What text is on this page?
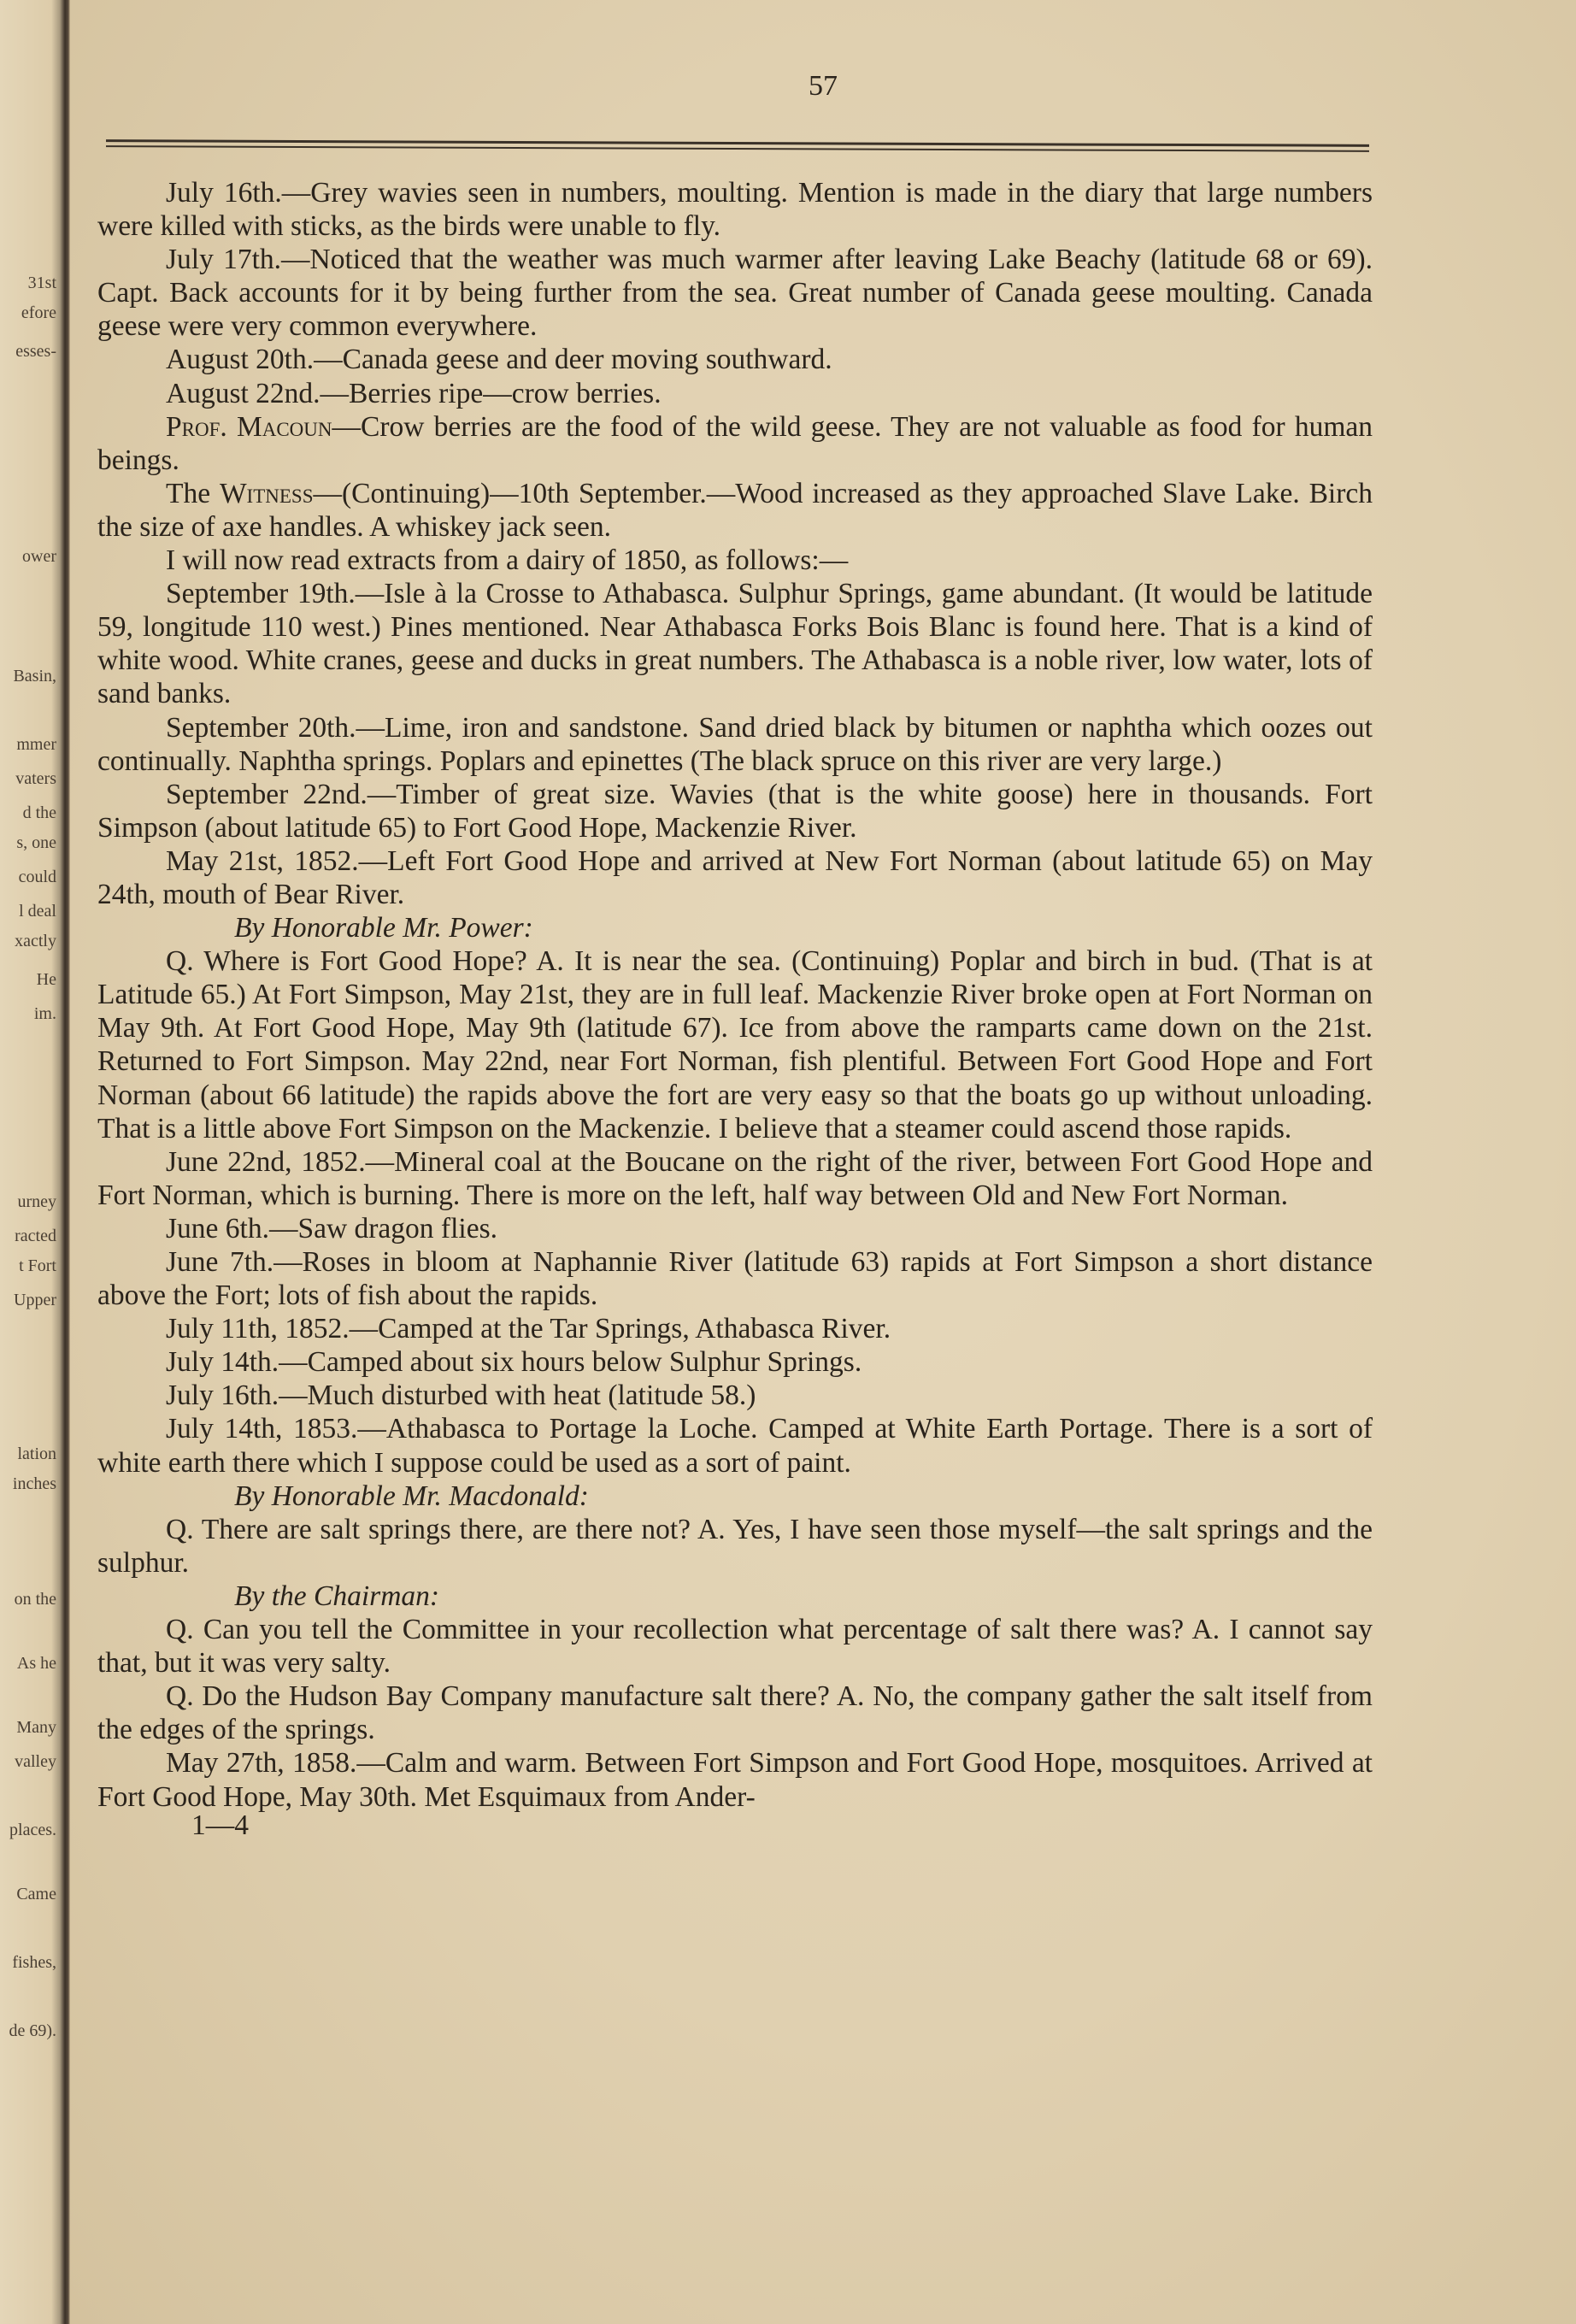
31st
efore
esses-
ower
Basin,
mmer
vaters
d the
s, one
could
l deal
xactly
He
im.
urney
racted
t Fort
Upper
lation
inches
on the
As he
Many
valley
places.
Came
fishes,
de 69).
57

July 16th.—Grey wavies seen in numbers, moulting. Mention is made in the diary that large numbers were killed with sticks, as the birds were unable to fly.

July 17th.—Noticed that the weather was much warmer after leaving Lake Beachy (latitude 68 or 69). Capt. Back accounts for it by being further from the sea. Great number of Canada geese moulting. Canada geese were very common everywhere.

August 20th.—Canada geese and deer moving southward.

August 22nd.—Berries ripe—crow berries.

Prof. Macoun—Crow berries are the food of the wild geese. They are not valuable as food for human beings.

The Witness—(Continuing)—10th September.—Wood increased as they approached Slave Lake. Birch the size of axe handles. A whiskey jack seen.

I will now read extracts from a dairy of 1850, as follows:—

September 19th.—Isle à la Crosse to Athabasca. Sulphur Springs, game abundant. (It would be latitude 59, longitude 110 west.) Pines mentioned. Near Athabasca Forks Bois Blanc is found here. That is a kind of white wood. White cranes, geese and ducks in great numbers. The Athabasca is a noble river, low water, lots of sand banks.

September 20th.—Lime, iron and sandstone. Sand dried black by bitumen or naphtha which oozes out continually. Naphtha springs. Poplars and epinettes (The black spruce on this river are very large.)

September 22nd.—Timber of great size. Wavies (that is the white goose) here in thousands. Fort Simpson (about latitude 65) to Fort Good Hope, Mackenzie River.

May 21st, 1852.—Left Fort Good Hope and arrived at New Fort Norman (about latitude 65) on May 24th, mouth of Bear River.

By Honorable Mr. Power:

Q. Where is Fort Good Hope? A. It is near the sea. (Continuing) Poplar and birch in bud. (That is at Latitude 65.) At Fort Simpson, May 21st, they are in full leaf. Mackenzie River broke open at Fort Norman on May 9th. At Fort Good Hope, May 9th (latitude 67). Ice from above the ramparts came down on the 21st. Returned to Fort Simpson. May 22nd, near Fort Norman, fish plentiful. Between Fort Good Hope and Fort Norman (about 66 latitude) the rapids above the fort are very easy so that the boats go up without unloading. That is a little above Fort Simpson on the Mackenzie. I believe that a steamer could ascend those rapids.

June 22nd, 1852.—Mineral coal at the Boucane on the right of the river, between Fort Good Hope and Fort Norman, which is burning. There is more on the left, half way between Old and New Fort Norman.

June 6th.—Saw dragon flies.

June 7th.—Roses in bloom at Naphannie River (latitude 63) rapids at Fort Simpson a short distance above the Fort; lots of fish about the rapids.

July 11th, 1852.—Camped at the Tar Springs, Athabasca River.

July 14th.—Camped about six hours below Sulphur Springs.

July 16th.—Much disturbed with heat (latitude 58.)

July 14th, 1853.—Athabasca to Portage la Loche. Camped at White Earth Portage. There is a sort of white earth there which I suppose could be used as a sort of paint.

By Honorable Mr. Macdonald:

Q. There are salt springs there, are there not? A. Yes, I have seen those myself—the salt springs and the sulphur.

By the Chairman:

Q. Can you tell the Committee in your recollection what percentage of salt there was? A. I cannot say that, but it was very salty.

Q. Do the Hudson Bay Company manufacture salt there? A. No, the company gather the salt itself from the edges of the springs.

May 27th, 1858.—Calm and warm. Between Fort Simpson and Fort Good Hope, mosquitoes. Arrived at Fort Good Hope, May 30th. Met Esquimaux from Ander-

1—4
